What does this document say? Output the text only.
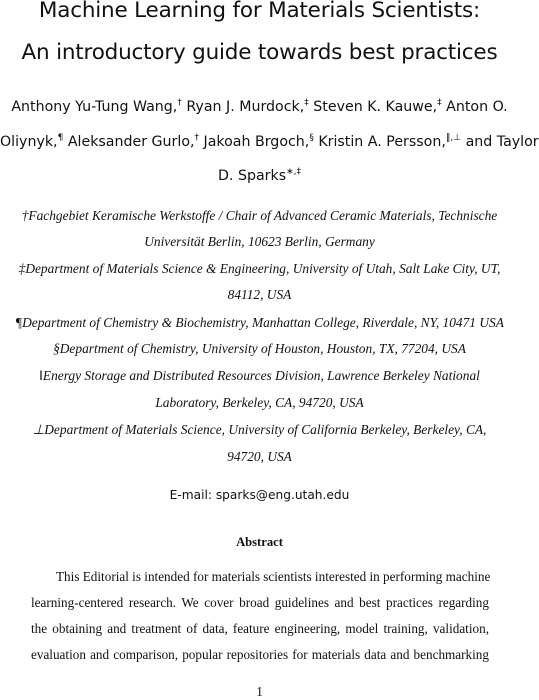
Machine Learning for Materials Scientists:
An introductory guide towards best practices
Anthony Yu-Tung Wang,† Ryan J. Murdock,‡ Steven K. Kauwe,‡ Anton O.
Oliynyk,¶ Aleksander Gurlo,† Jakoah Brgoch,§ Kristin A. Persson,‖,⊥ and Taylor
D. Sparks∗,‡
†Fachgebiet Keramische Werkstoffe / Chair of Advanced Ceramic Materials, Technische
Universität Berlin, 10623 Berlin, Germany
‡Department of Materials Science & Engineering, University of Utah, Salt Lake City, UT,
84112, USA
¶Department of Chemistry & Biochemistry, Manhattan College, Riverdale, NY, 10471 USA
§Department of Chemistry, University of Houston, Houston, TX, 77204, USA
‖Energy Storage and Distributed Resources Division, Lawrence Berkeley National
Laboratory, Berkeley, CA, 94720, USA
⊥Department of Materials Science, University of California Berkeley, Berkeley, CA,
94720, USA
E-mail: sparks@eng.utah.edu
Abstract
This Editorial is intended for materials scientists interested in performing machine
learning-centered research. We cover broad guidelines and best practices regarding
the obtaining and treatment of data, feature engineering, model training, validation,
evaluation and comparison, popular repositories for materials data and benchmarking
1
